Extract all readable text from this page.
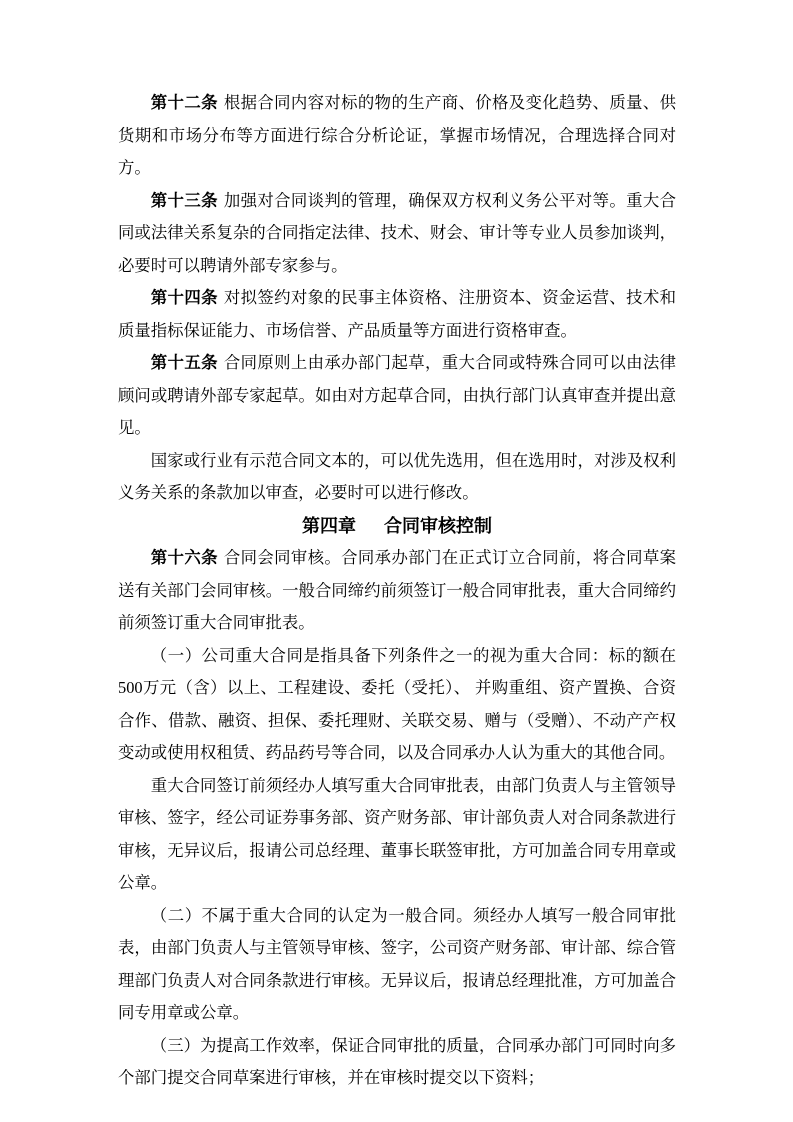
第十二条 根据合同内容对标的物的生产商、价格及变化趋势、质量、供货期和市场分布等方面进行综合分析论证，掌握市场情况，合理选择合同对方。

第十三条 加强对合同谈判的管理，确保双方权利义务公平对等。重大合同或法律关系复杂的合同指定法律、技术、财会、审计等专业人员参加谈判，必要时可以聘请外部专家参与。

第十四条 对拟签约对象的民事主体资格、注册资本、资金运营、技术和质量指标保证能力、市场信誉、产品质量等方面进行资格审查。

第十五条 合同原则上由承办部门起草，重大合同或特殊合同可以由法律顾问或聘请外部专家起草。如由对方起草合同，由执行部门认真审查并提出意见。

国家或行业有示范合同文本的，可以优先选用，但在选用时，对涉及权利义务关系的条款加以审查，必要时可以进行修改。

第四章 合同审核控制

第十六条 合同会同审核。合同承办部门在正式订立合同前，将合同草案送有关部门会同审核。一般合同缔约前须签订一般合同审批表，重大合同缔约前须签订重大合同审批表。

（一）公司重大合同是指具备下列条件之一的视为重大合同：标的额在 500万元（含）以上、工程建设、委托（受托）、 并购重组、资产置换、合资合作、借款、融资、担保、委托理财、关联交易、赠与（受赠）、不动产产权变动或使用权租赁、药品药号等合同，以及合同承办人认为重大的其他合同。

重大合同签订前须经办人填写重大合同审批表，由部门负责人与主管领导审核、签字，经公司证券事务部、资产财务部、审计部负责人对合同条款进行审核，无异议后，报请公司总经理、董事长联签审批，方可加盖合同专用章或公章。

（二）不属于重大合同的认定为一般合同。须经办人填写一般合同审批表，由部门负责人与主管领导审核、签字，公司资产财务部、审计部、综合管理部门负责人对合同条款进行审核。无异议后，报请总经理批准，方可加盖合同专用章或公章。

（三）为提高工作效率，保证合同审批的质量，合同承办部门可同时向多个部门提交合同草案进行审核，并在审核时提交以下资料；
